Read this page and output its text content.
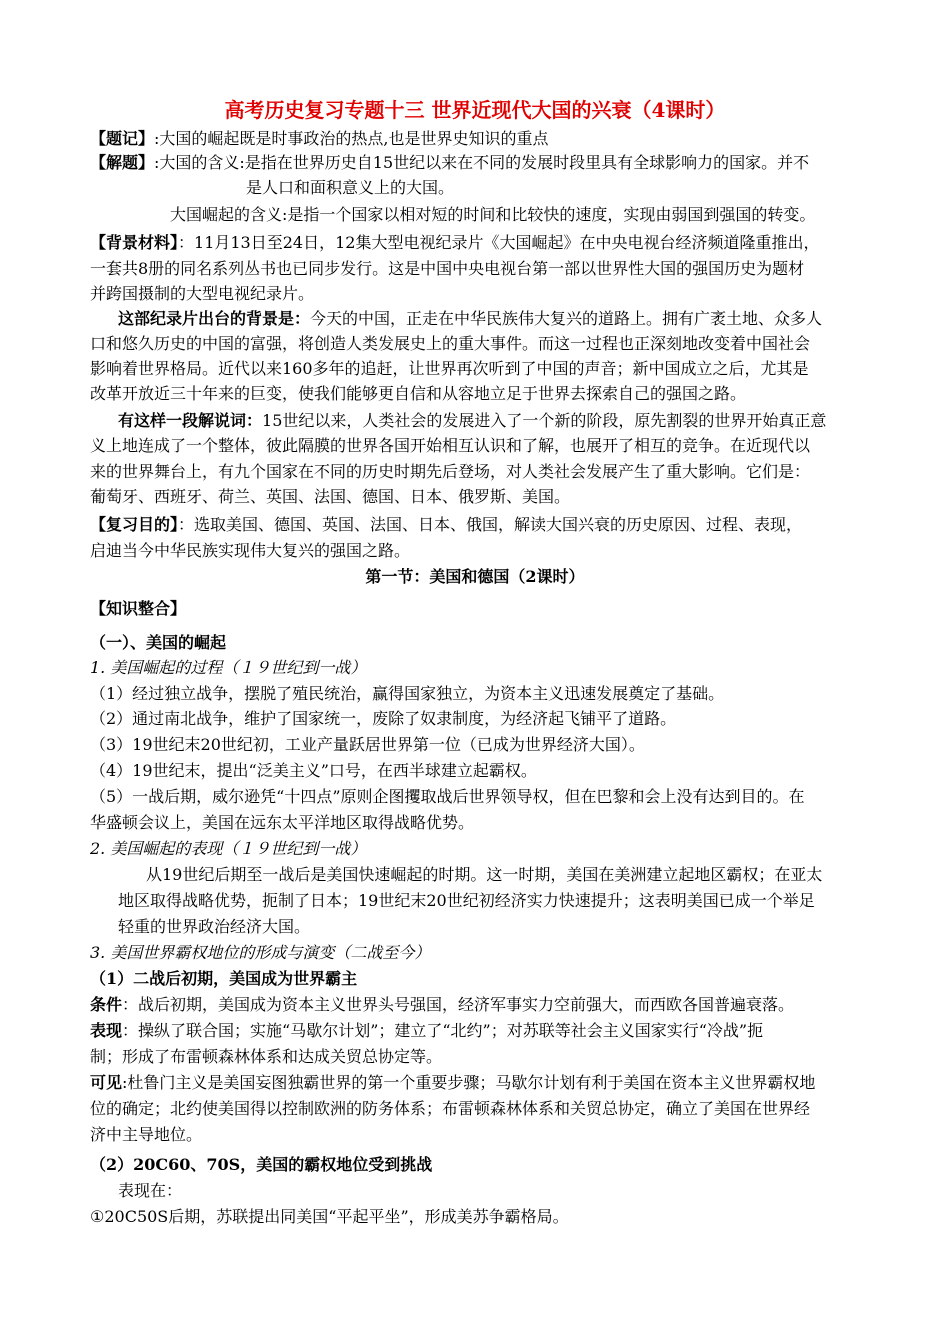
高考历史复习专题十三 世界近现代大国的兴衰（4课时）
【题记】:大国的崛起既是时事政治的热点,也是世界史知识的重点
【解题】:大国的含义:是指在世界历史自15世纪以来在不同的发展时段里具有全球影响力的国家。并不
是人口和面积意义上的大国。
大国崛起的含义:是指一个国家以相对短的时间和比较快的速度，实现由弱国到强国的转变。
【背景材料】：11月13日至24日，12集大型电视纪录片《大国崛起》在中央电视台经济频道隆重推出，
一套共8册的同名系列丛书也已同步发行。这是中国中央电视台第一部以世界性大国的强国历史为题材
并跨国摄制的大型电视纪录片。
这部纪录片出台的背景是：今天的中国，正走在中华民族伟大复兴的道路上。拥有广袤土地、众多人
口和悠久历史的中国的富强，将创造人类发展史上的重大事件。而这一过程也正深刻地改变着中国社会
影响着世界格局。近代以来160多年的追赶，让世界再次听到了中国的声音；新中国成立之后，尤其是
改革开放近三十年来的巨变，使我们能够更自信和从容地立足于世界去探索自己的强国之路。
有这样一段解说词：15世纪以来，人类社会的发展进入了一个新的阶段，原先割裂的世界开始真正意
义上地连成了一个整体，彼此隔膜的世界各国开始相互认识和了解，也展开了相互的竞争。在近现代以
来的世界舞台上，有九个国家在不同的历史时期先后登场，对人类社会发展产生了重大影响。它们是：
葡萄牙、西班牙、荷兰、英国、法国、德国、日本、俄罗斯、美国。
【复习目的】：选取美国、德国、英国、法国、日本、俄国，解读大国兴衰的历史原因、过程、表现，
启迪当今中华民族实现伟大复兴的强国之路。
第一节：美国和德国（2课时）
【知识整合】
（一）、美国的崛起
1. 美国崛起的过程（１９世纪到一战）
（1）经过独立战争，摆脱了殖民统治，赢得国家独立，为资本主义迅速发展奠定了基础。
（2）通过南北战争，维护了国家统一，废除了奴隶制度，为经济起飞铺平了道路。
（3）19世纪末20世纪初，工业产量跃居世界第一位（已成为世界经济大国）。
（4）19世纪末，提出“泛美主义”口号，在西半球建立起霸权。
（5）一战后期，威尔逊凭“十四点”原则企图攫取战后世界领导权，但在巴黎和会上没有达到目的。在
华盛顿会议上，美国在远东太平洋地区取得战略优势。
2. 美国崛起的表现（１９世纪到一战）
从19世纪后期至一战后是美国快速崛起的时期。这一时期，美国在美洲建立起地区霸权；在亚太
地区取得战略优势，扼制了日本；19世纪末20世纪初经济实力快速提升；这表明美国已成一个举足
轻重的世界政治经济大国。
3. 美国世界霸权地位的形成与演变（二战至今）
（1）二战后初期，美国成为世界霸主
条件：战后初期，美国成为资本主义世界头号强国，经济军事实力空前强大，而西欧各国普遍衰落。
表现：操纵了联合国；实施“马歇尔计划”；建立了“北约”；对苏联等社会主义国家实行“冷战”扼
制；形成了布雷顿森林体系和达成关贸总协定等。
可见:杜鲁门主义是美国妄图独霸世界的第一个重要步骤；马歇尔计划有利于美国在资本主义世界霸权地
位的确定；北约使美国得以控制欧洲的防务体系；布雷顿森林体系和关贸总协定，确立了美国在世界经
济中主导地位。
（2）20C60、70S，美国的霸权地位受到挑战
表现在：
①20C50S后期，苏联提出同美国“平起平坐”，形成美苏争霸格局。
